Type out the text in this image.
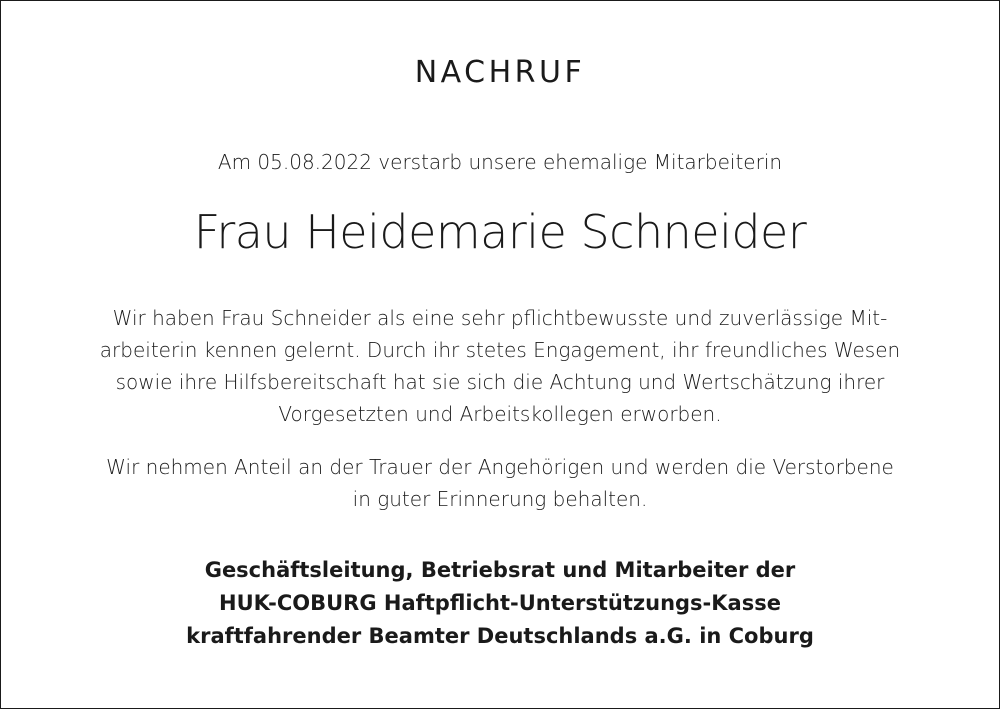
NACHRUF
Am 05.08.2022 verstarb unsere ehemalige Mitarbeiterin
Frau Heidemarie Schneider
Wir haben Frau Schneider als eine sehr pflichtbewusste und zuverlässige Mit-
arbeiterin kennen gelernt. Durch ihr stetes Engagement, ihr freundliches Wesen
sowie ihre Hilfsbereitschaft hat sie sich die Achtung und Wertschätzung ihrer
Vorgesetzten und Arbeitskollegen erworben.
Wir nehmen Anteil an der Trauer der Angehörigen und werden die Verstorbene
in guter Erinnerung behalten.
Geschäftsleitung, Betriebsrat und Mitarbeiter der
HUK-COBURG Haftpflicht-Unterstützungs-Kasse
kraftfahrender Beamter Deutschlands a.G. in Coburg
